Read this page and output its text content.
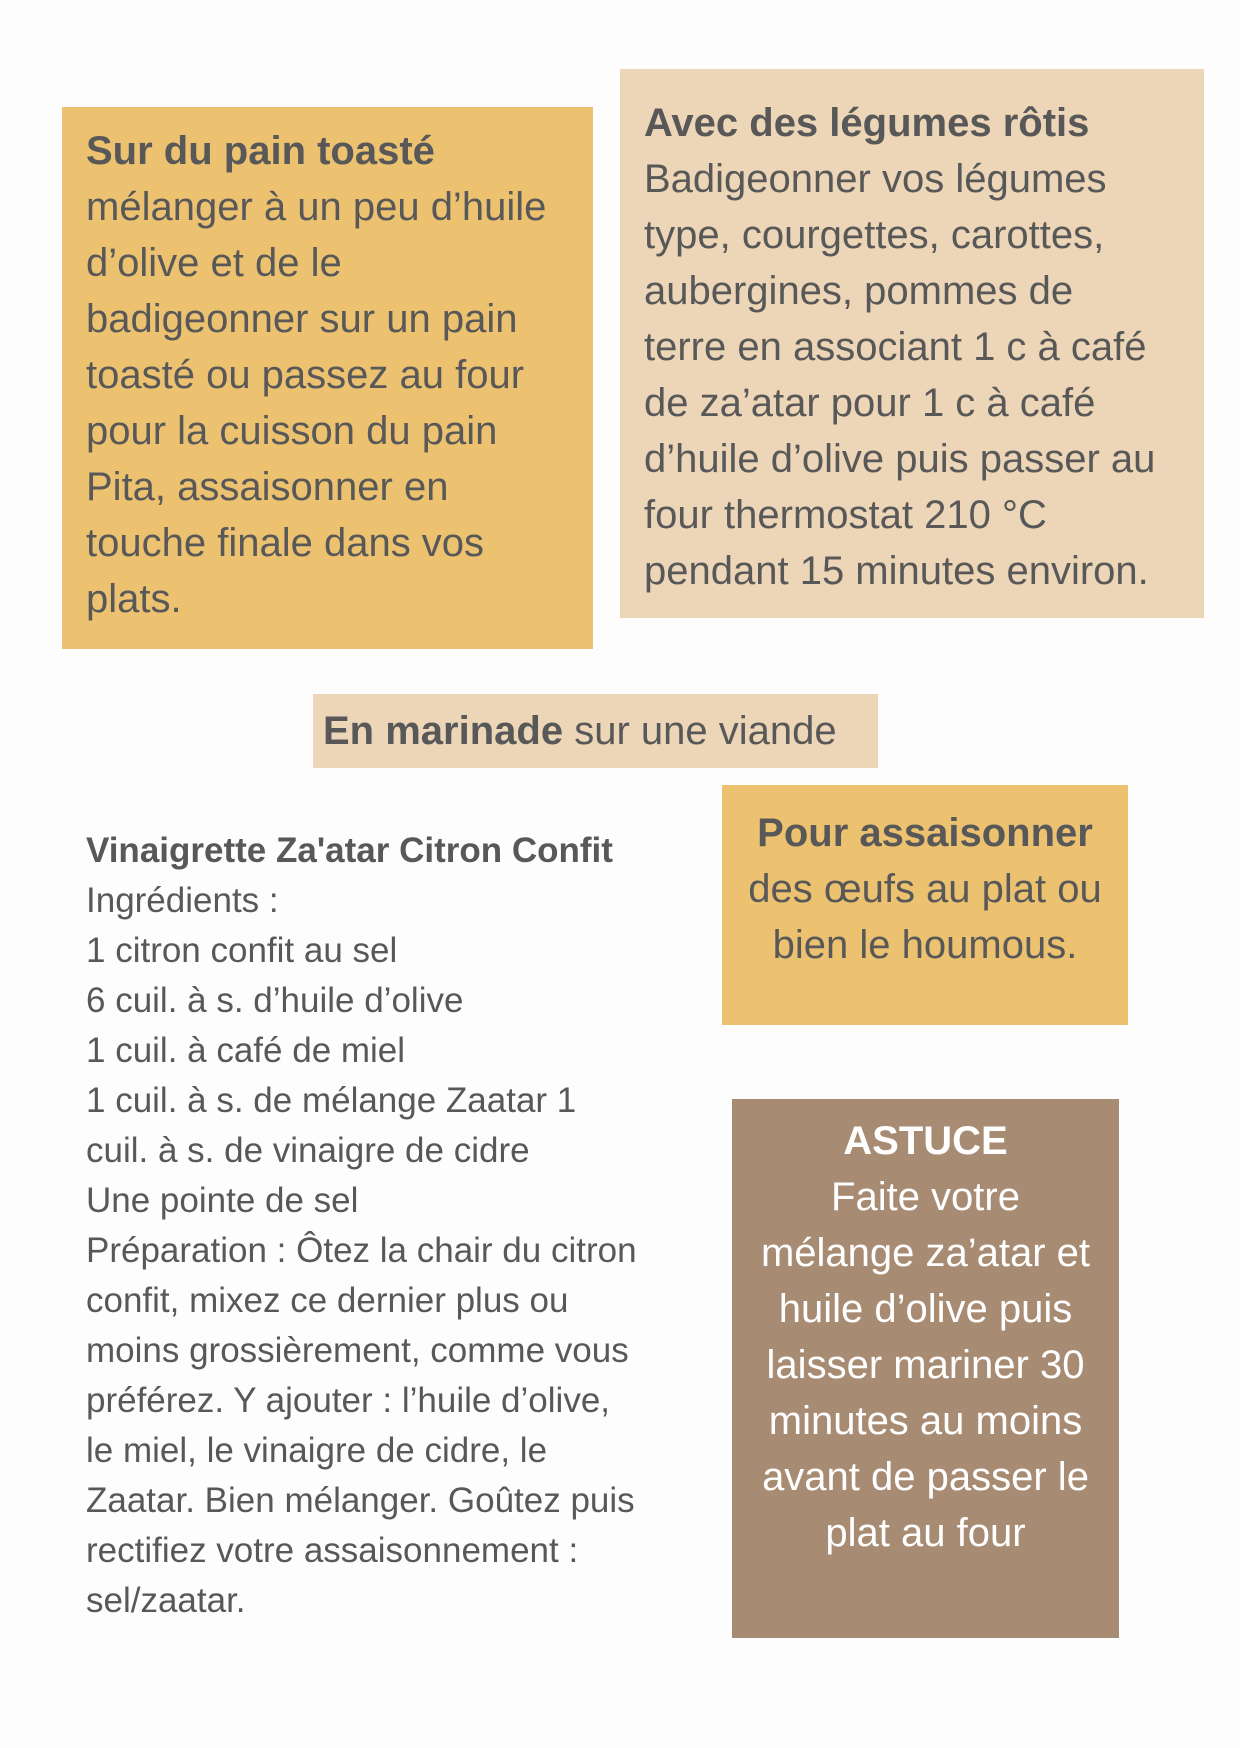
Sur du pain toasté
mélanger à un peu d’huile
d’olive et de le
badigeonner sur un pain
toasté ou passez au four
pour la cuisson du pain
Pita, assaisonner en
touche finale dans vos
plats.
Avec des légumes rôtis
Badigeonner vos légumes
type, courgettes, carottes,
aubergines, pommes de
terre en associant 1 c à café
de za’atar pour 1 c à café
d’huile d’olive puis passer au
four thermostat 210 °C
pendant 15 minutes environ.
En marinade sur une viande
Pour assaisonner
des œufs au plat ou
bien le houmous.
ASTUCE
Faite votre
mélange za’atar et
huile d’olive puis
laisser mariner 30
minutes au moins
avant de passer le
plat au four
Vinaigrette Za'atar Citron Confit
Ingrédients :
1 citron confit au sel
6 cuil. à s. d’huile d’olive
1 cuil. à café de miel
1 cuil. à s. de mélange Zaatar 1
cuil. à s. de vinaigre de cidre
Une pointe de sel
Préparation : Ôtez la chair du citron
confit, mixez ce dernier plus ou
moins grossièrement, comme vous
préférez. Y ajouter : l’huile d’olive,
le miel, le vinaigre de cidre, le
Zaatar. Bien mélanger. Goûtez puis
rectifiez votre assaisonnement :
sel/zaatar.
